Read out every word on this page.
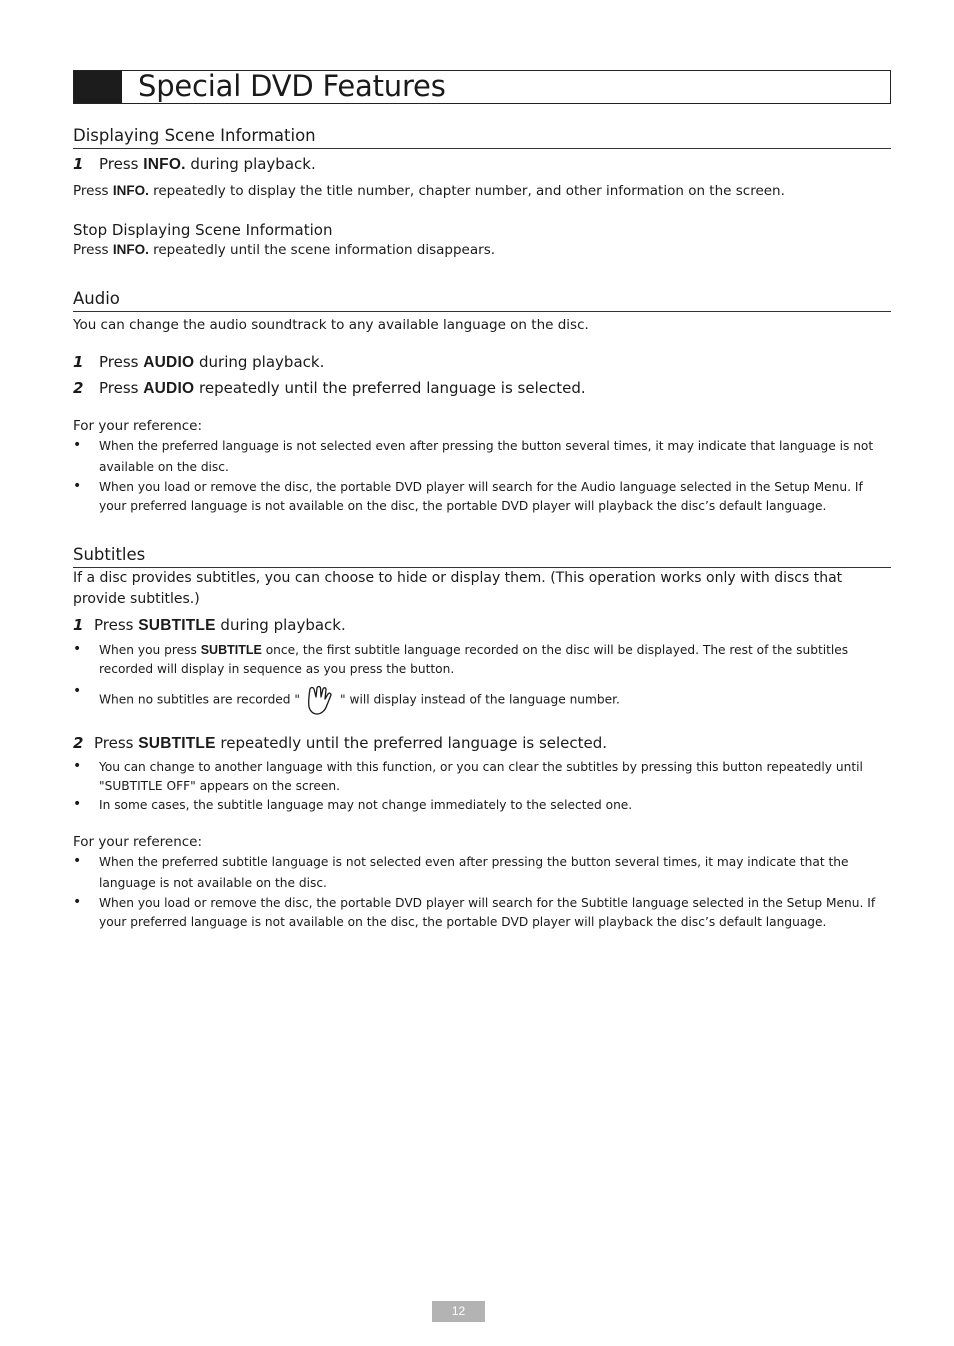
Special DVD Features
Displaying Scene Information
1	Press INFO. during playback.

Press INFO. repeatedly to display the title number, chapter number, and other information on the screen.

Stop Displaying Scene Information

Press INFO. repeatedly until the scene information disappears.

Audio

You can change the audio soundtrack to any available language on the disc.

1	Press AUDIO during playback.
2	Press AUDIO repeatedly until the preferred language is selected.

For your reference:

• When the preferred language is not selected even after pressing the button several times, it may indicate that language is not available on the disc.
• When you load or remove the disc, the portable DVD player will search for the Audio language selected in the Setup Menu. If your preferred language is not available on the disc, the portable DVD player will playback the disc’s default language.
Subtitles

If a disc provides subtitles, you can choose to hide or display them. (This operation works only with discs that provide subtitles.)

1 Press SUBTITLE during playback.
• When you press SUBTITLE once, the first subtitle language recorded on the disc will be displayed. The rest of the subtitles recorded will display in sequence as you press the button.
• When no subtitles are recorded "	" will display instead of the language number.
2 Press SUBTITLE repeatedly until the preferred language is selected.
• You can change to another language with this function, or you can clear the subtitles by pressing this button repeatedly until "SUBTITLE OFF" appears on the screen.
• In some cases, the subtitle language may not change immediately to the selected one.

For your reference:

• When the preferred subtitle language is not selected even after pressing the button several times, it may indicate that the language is not available on the disc.
• When you load or remove the disc, the portable DVD player will search for the Subtitle language selected in the Setup Menu. If your preferred language is not available on the disc, the portable DVD player will playback the disc’s default language.
12
